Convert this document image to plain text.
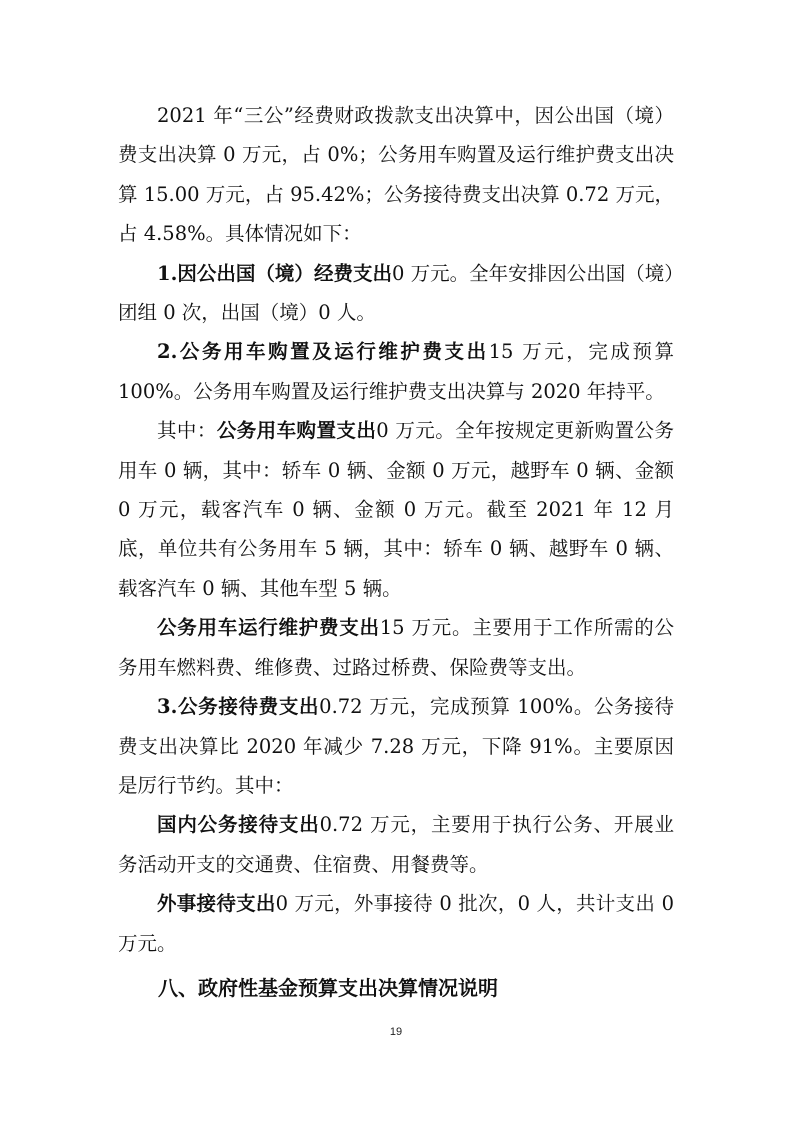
2021 年“三公”经费财政拨款支出决算中，因公出国（境）费支出决算 0 万元，占 0%；公务用车购置及运行维护费支出决算 15.00 万元，占 95.42%；公务接待费支出决算 0.72 万元，占 4.58%。具体情况如下：

1.因公出国（境）经费支出0 万元。全年安排因公出国（境）团组 0 次，出国（境）0 人。

2.公务用车购置及运行维护费支出15 万元，完成预算 100%。公务用车购置及运行维护费支出决算与 2020 年持平。

其中：公务用车购置支出0 万元。全年按规定更新购置公务用车 0 辆，其中：轿车 0 辆、金额 0 万元，越野车 0 辆、金额 0 万元，载客汽车 0 辆、金额 0 万元。截至 2021 年 12 月底，单位共有公务用车 5 辆，其中：轿车 0 辆、越野车 0 辆、载客汽车 0 辆、其他车型 5 辆。

公务用车运行维护费支出15 万元。主要用于工作所需的公务用车燃料费、维修费、过路过桥费、保险费等支出。

3.公务接待费支出0.72 万元，完成预算 100%。公务接待费支出决算比 2020 年减少 7.28 万元，下降 91%。主要原因是厉行节约。其中：

国内公务接待支出0.72 万元，主要用于执行公务、开展业务活动开支的交通费、住宿费、用餐费等。

外事接待支出0 万元，外事接待 0 批次，0 人，共计支出 0 万元。

八、政府性基金预算支出决算情况说明

19
